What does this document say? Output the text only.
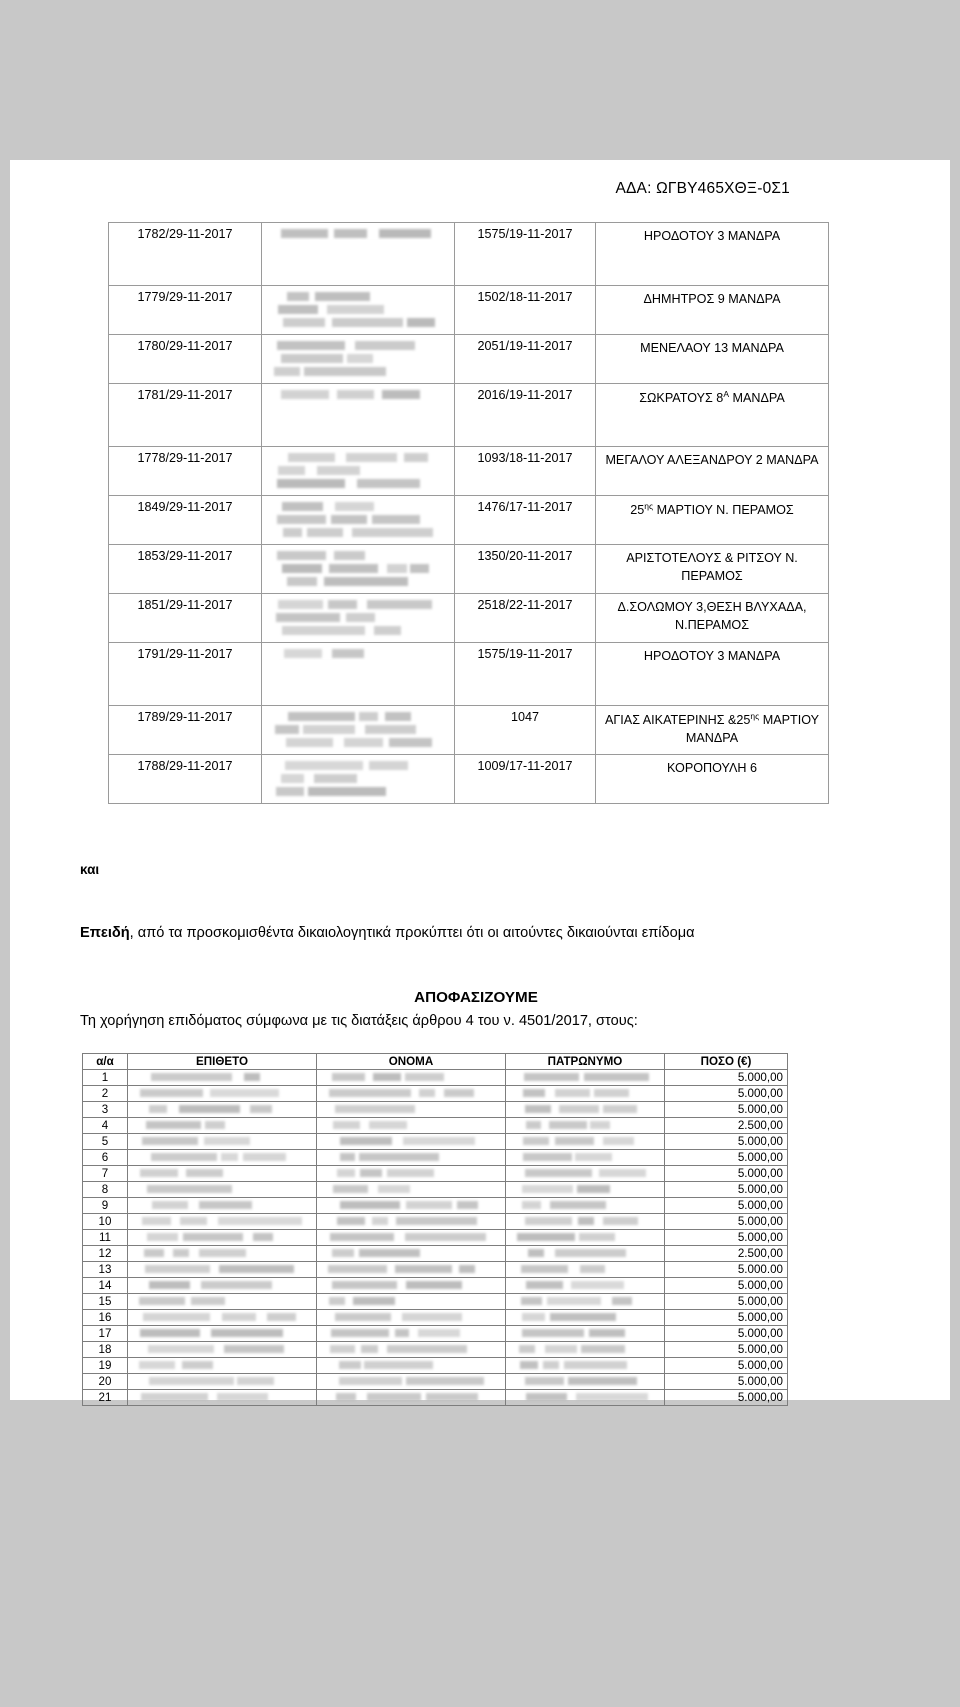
ΑΔΑ: ΩΓΒΥ465ΧΘΞ-0Σ1
1782/29-11-2017		1575/19-11-2017	ΗΡΟΔΟΤΟΥ 3 ΜΑΝΔΡΑ
1779/29-11-2017		1502/18-11-2017	ΔΗΜΗΤΡΟΣ 9 ΜΑΝΔΡΑ
1780/29-11-2017		2051/19-11-2017	ΜΕΝΕΛΑΟΥ 13 ΜΑΝΔΡΑ
1781/29-11-2017		2016/19-11-2017	ΣΩΚΡΑΤΟΥΣ $8^A$ ΜΑΝΔΡΑ
1778/29-11-2017		1093/18-11-2017	ΜΕΓΑΛΟΥ ΑΛΕΞΑΝΔΡΟΥ 2 ΜΑΝΔΡΑ
1849/29-11-2017		1476/17-11-2017	$25^{\eta\varsigma}$ ΜΑΡΤΙΟΥ Ν. ΠΕΡΑΜΟΣ
1853/29-11-2017		1350/20-11-2017	ΑΡΙΣΤΟΤΕΛΟΥΣ & ΡΙΤΣΟΥ Ν. ΠΕΡΑΜΟΣ
1851/29-11-2017		2518/22-11-2017	Δ.ΣΟΛΩΜΟΥ 3,ΘΕΣΗ ΒΛΥΧΑΔΑ, Ν.ΠΕΡΑΜΟΣ
1791/29-11-2017		1575/19-11-2017	ΗΡΟΔΟΤΟΥ 3 ΜΑΝΔΡΑ
1789/29-11-2017		1047	ΑΓΙΑΣ ΑΙΚΑΤΕΡΙΝΗΣ $\&25^{\eta\varsigma}$ ΜΑΡΤΙΟΥ ΜΑΝΔΡΑ
1788/29-11-2017		1009/17-11-2017	ΚΟΡΟΠΟΥΛΗ 6
και
Επειδή, από τα προσκομισθέντα δικαιολογητικά προκύπτει ότι οι αιτούντες δικαιούνται επίδομα
ΑΠΟΦΑΣΙΖΟΥΜΕ
Τη χορήγηση επιδόματος σύμφωνα με τις διατάξεις άρθρου 4 του ν. 4501/2017, στους:
α/α	ΕΠΙΘΕΤΟ	ΟΝΟΜΑ	ΠΑΤΡΩΝΥΜΟ	ΠΟΣΟ (€)
1				5.000,00
2				5.000,00
3				5.000,00
4				2.500,00
5				5.000,00
6				5.000,00
7				5.000,00
8				5.000,00
9				5.000,00
10				5.000,00
11				5.000,00
12				2.500,00
13				5.000.00
14				5.000,00
15				5.000,00
16				5.000,00
17				5.000,00
18				5.000,00
19				5.000,00
20				5.000,00
21				5.000,00
